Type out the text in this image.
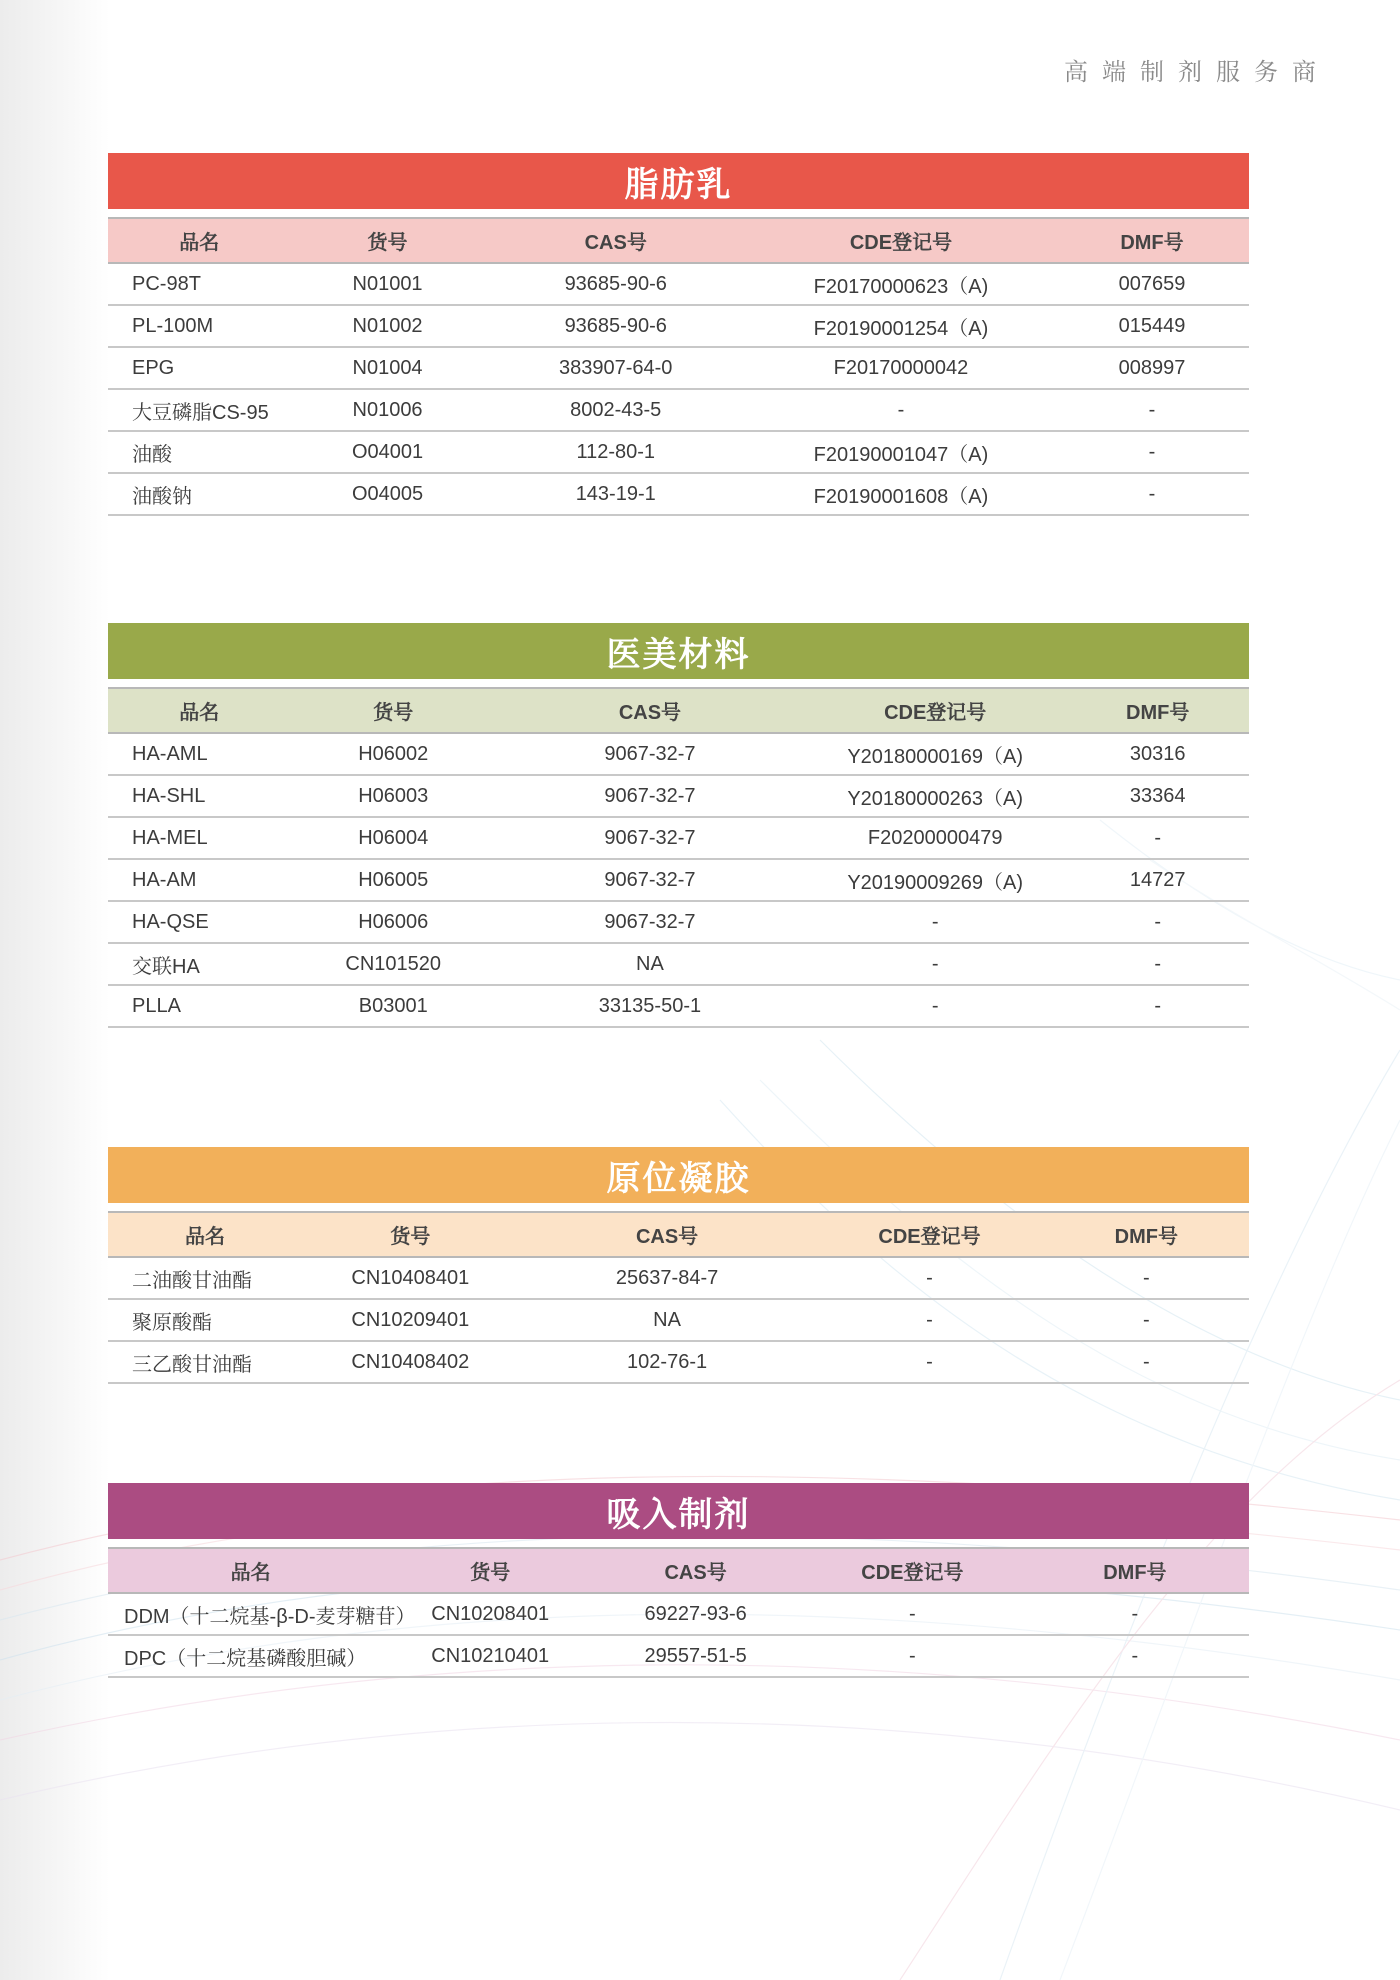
高端制剂服务商
脂肪乳
品名	货号	CAS号	CDE登记号	DMF号
PC-98T	N01001	93685-90-6	F20170000623（A)	007659
PL-100M	N01002	93685-90-6	F20190001254（A)	015449
EPG	N01004	383907-64-0	F20170000042	008997
大豆磷脂CS-95	N01006	8002-43-5	-	-
油酸	O04001	112-80-1	F20190001047（A)	-
油酸钠	O04005	143-19-1	F20190001608（A)	-
医美材料
品名	货号	CAS号	CDE登记号	DMF号
HA-AML	H06002	9067-32-7	Y20180000169（A)	30316
HA-SHL	H06003	9067-32-7	Y20180000263（A)	33364
HA-MEL	H06004	9067-32-7	F20200000479	-
HA-AM	H06005	9067-32-7	Y20190009269（A)	14727
HA-QSE	H06006	9067-32-7	-	-
交联HA	CN101520	NA	-	-
PLLA	B03001	33135-50-1	-	-
原位凝胶
品名	货号	CAS号	CDE登记号	DMF号
二油酸甘油酯	CN10408401	25637-84-7	-	-
聚原酸酯	CN10209401	NA	-	-
三乙酸甘油酯	CN10408402	102-76-1	-	-
吸入制剂
品名	货号	CAS号	CDE登记号	DMF号
DDM（十二烷基-β-D-麦芽糖苷）	CN10208401	69227-93-6	-	-
DPC（十二烷基磷酸胆碱）	CN10210401	29557-51-5	-	-
